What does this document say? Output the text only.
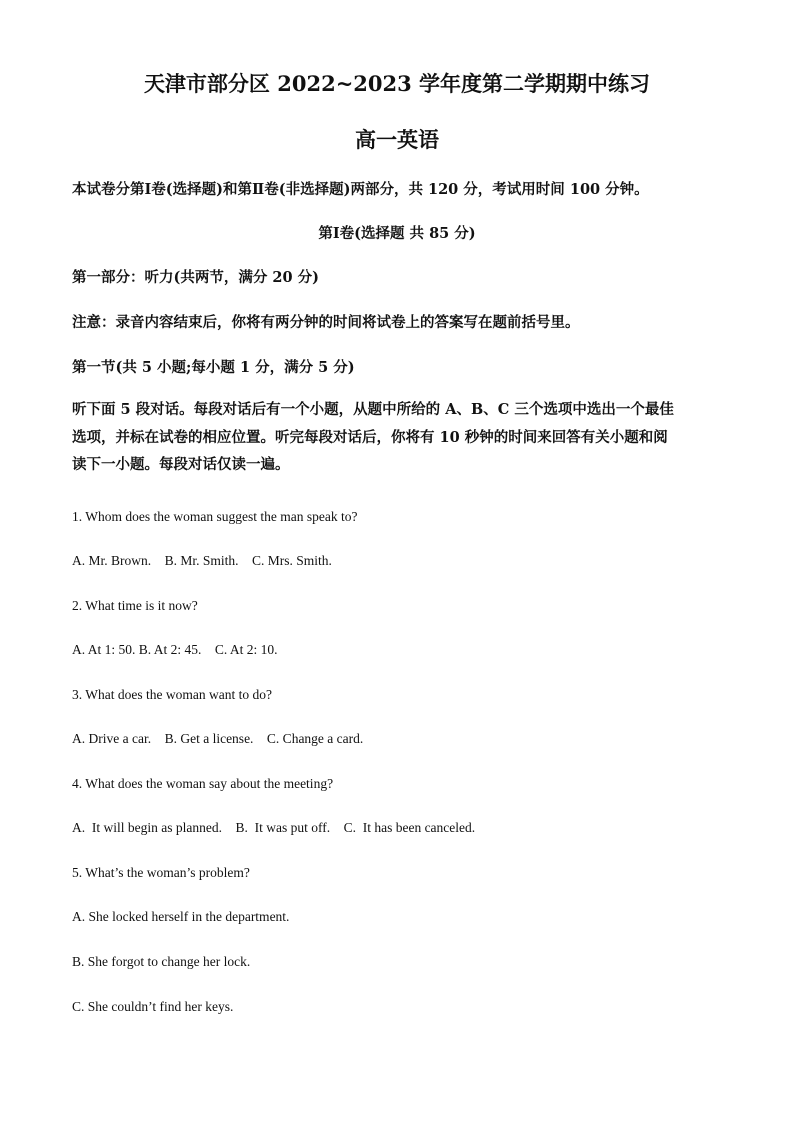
天津市部分区 2022~2023 学年度第二学期期中练习
高一英语
本试卷分第Ⅰ卷(选择题)和第Ⅱ卷(非选择题)两部分，共 120 分，考试用时间 100 分钟。
第Ⅰ卷(选择题 共 85 分)
第一部分：听力(共两节，满分 20 分)
注意：录音内容结束后，你将有两分钟的时间将试卷上的答案写在题前括号里。
第一节(共 5 小题;每小题 1 分，满分 5 分)
听下面 5 段对话。每段对话后有一个小题，从题中所给的 A、B、C 三个选项中选出一个最佳
选项，并标在试卷的相应位置。听完每段对话后，你将有 10 秒钟的时间来回答有关小题和阅
读下一小题。每段对话仅读一遍。
1. Whom does the woman suggest the man speak to?
A. Mr. Brown.    B. Mr. Smith.    C. Mrs. Smith.
2. What time is it now?
A. At 1: 50. B. At 2: 45.    C. At 2: 10.
3. What does the woman want to do?
A. Drive a car.    B. Get a license.    C. Change a card.
4. What does the woman say about the meeting?
A.  It will begin as planned.    B.  It was put off.    C.  It has been canceled.
5. What’s the woman’s problem?
A. She locked herself in the department.
B. She forgot to change her lock.
C. She couldn’t find her keys.
